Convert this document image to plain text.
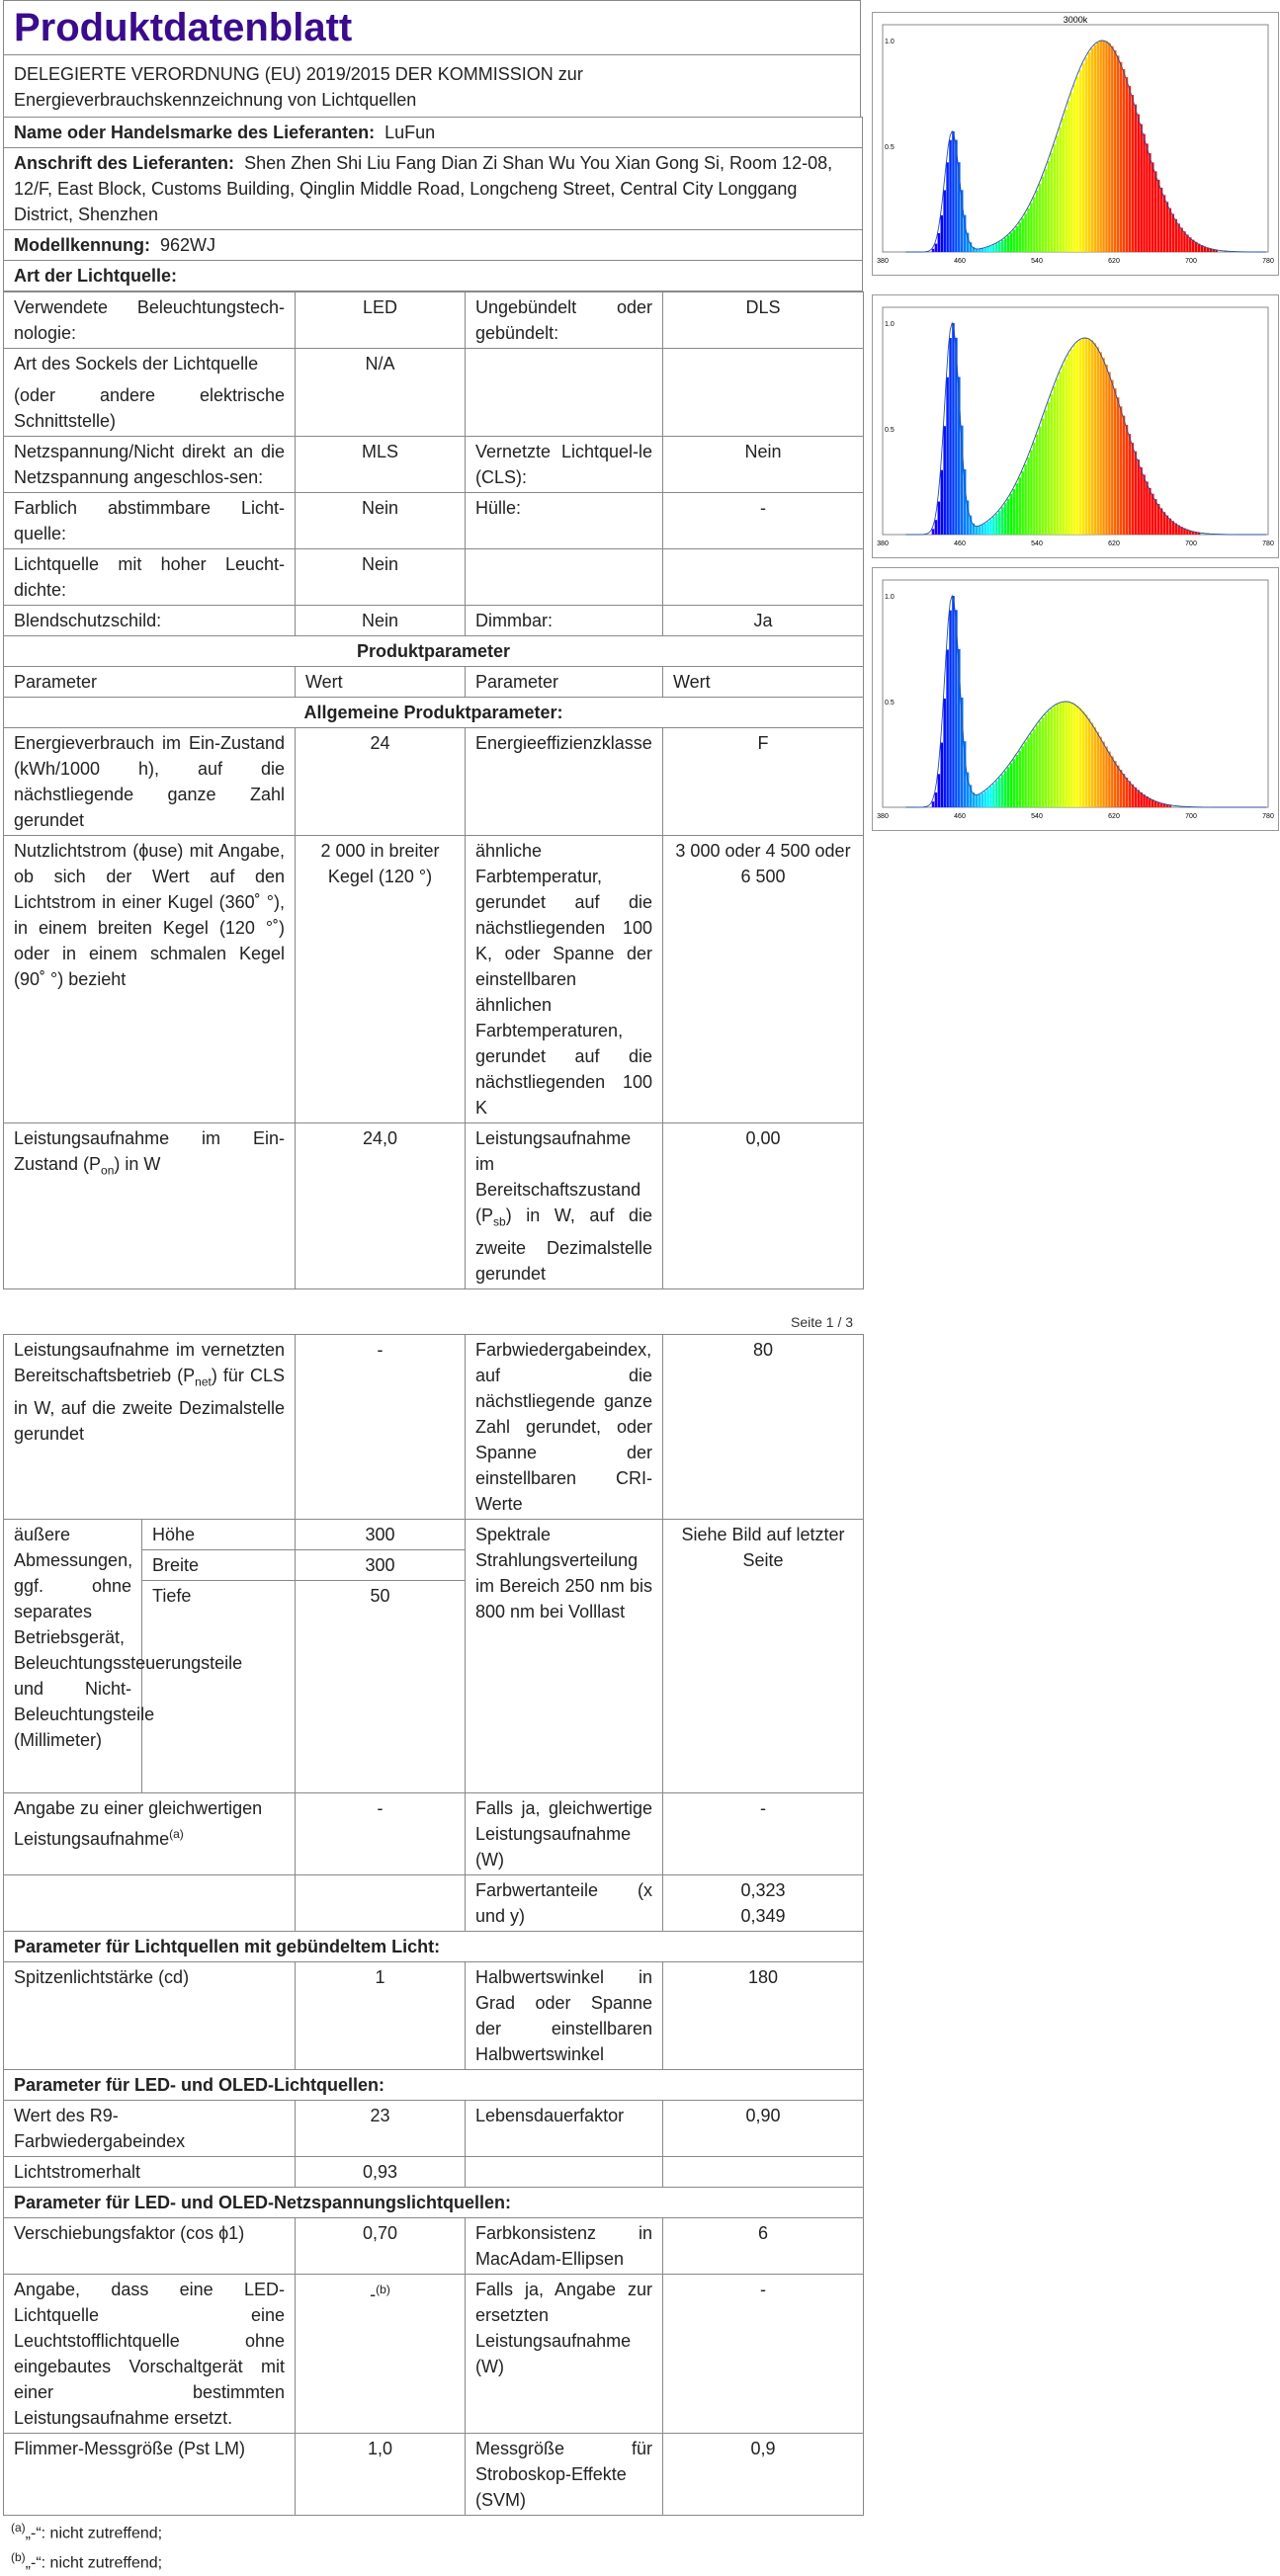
Produktdatenblatt
DELEGIERTE VERORDNUNG (EU) 2019/2015 DER KOMMISSION zur Energieverbrauchskennzeichnung von Lichtquellen
Name oder Handelsmarke des Lieferanten: LuFun
Anschrift des Lieferanten: Shen Zhen Shi Liu Fang Dian Zi Shan Wu You Xian Gong Si, Room 12-08, 12/F, East Block, Customs Building, Qinglin Middle Road, Longcheng Street, Central City Longgang District, Shenzhen
Modellkennung: 962WJ
Art der Lichtquelle:
Verwendete Beleuchtungstech-nologie:	LED	Ungebündelt oder gebündelt:	DLS

Art des Sockels der Lichtquelle
(oder andere elektrische Schnittstelle)	N/A		
Netzspannung/Nicht direkt an die Netzspannung angeschlos-sen:	MLS	Vernetzte Lichtquel-le (CLS):	Nein
Farblich abstimmbare Licht-quelle:	Nein	Hülle:	-
Lichtquelle mit hoher Leucht-dichte:	Nein		
Blendschutzschild:	Nein	Dimmbar:	Ja
Produktparameter			
Parameter	Wert	Parameter	Wert
Allgemeine Produktparameter:			
Energieverbrauch im Ein-Zustand (kWh/1000 h), auf die nächstliegende ganze Zahl gerundet	24	Energieeffizienzklasse	F
Nutzlichtstrom (ϕuse) mit Angabe, ob sich der Wert auf den Lichtstrom in einer Kugel (360˚ °), in einem breiten Kegel (120 °˚) oder in einem schmalen Kegel (90˚ °) bezieht	2 000 in breiter Kegel (120 °)	ähnliche Farbtemperatur, gerundet auf die nächstliegenden 100 K, oder Spanne der einstellbaren ähnlichen Farbtemperaturen, gerundet auf die nächstliegenden 100 K	3 000 oder 4 500 oder 6 500
Leistungsaufnahme im Ein-Zustand $(P_{on})$ in W	24,0	Leistungsaufnahme im Bereitschaftszustand $(P_{sb})$ in W, auf die zweite Dezimalstelle gerundet	0,00
Seite 1 / 3
Leistungsaufnahme im vernetzten Bereitschaftsbetrieb $(P_{net})$ für CLS in W, auf die zweite Dezimalstelle gerundet		-	Farbwiedergabeindex, auf die nächstliegende ganze Zahl gerundet, oder Spanne der einstellbaren CRI-Werte	80
äußere Abmessungen, ggf. ohne separates Betriebsgerät, Beleuchtungssteuerungsteile und Nicht-Beleuchtungsteile (Millimeter)	Höhe	300	Spektrale Strahlungsverteilung im Bereich 250 nm bis 800 nm bei Volllast	Siehe Bild auf letzter Seite
	Breite	300		
	Tiefe	50		
Angabe zu einer gleichwertigen Leistungsaufnahme$^{(a)}$		-	Falls ja, gleichwertige Leistungsaufnahme (W)	-
			Farbwertanteile (x und y)	0,323
0,349

Parameter für Lichtquellen mit gebündeltem Licht:				
Spitzenlichtstärke (cd)		1	Halbwertswinkel in Grad oder Spanne der einstellbaren Halbwertswinkel	180
Parameter für LED- und OLED-Lichtquellen:				
Wert des R9-Farbwiedergabeindex		23	Lebensdauerfaktor	0,90
Lichtstromerhalt		0,93		
Parameter für LED- und OLED-Netzspannungslichtquellen:				
Verschiebungsfaktor (cos ϕ1)		0,70	Farbkonsistenz in MacAdam-Ellipsen	6
Angabe, dass eine LED-Lichtquelle eine Leuchtstofflichtquelle ohne eingebautes Vorschaltgerät mit einer bestimmten Leistungsaufnahme ersetzt.		-$^{(b)}$	Falls ja, Angabe zur ersetzten Leistungsaufnahme (W)	-
Flimmer-Messgröße (Pst LM)		1,0	Messgröße für Stroboskop-Effekte (SVM)	0,9
$^{(a)}$„-“: nicht zutreffend;
$^{(b)}$„-“: nicht zutreffend;
3000k
1.0
0.5
380	460	540	620	700	780
1.0
0.5
380	460	540	620	700	780
1.0
0.5
380	460	540	620	700	780
